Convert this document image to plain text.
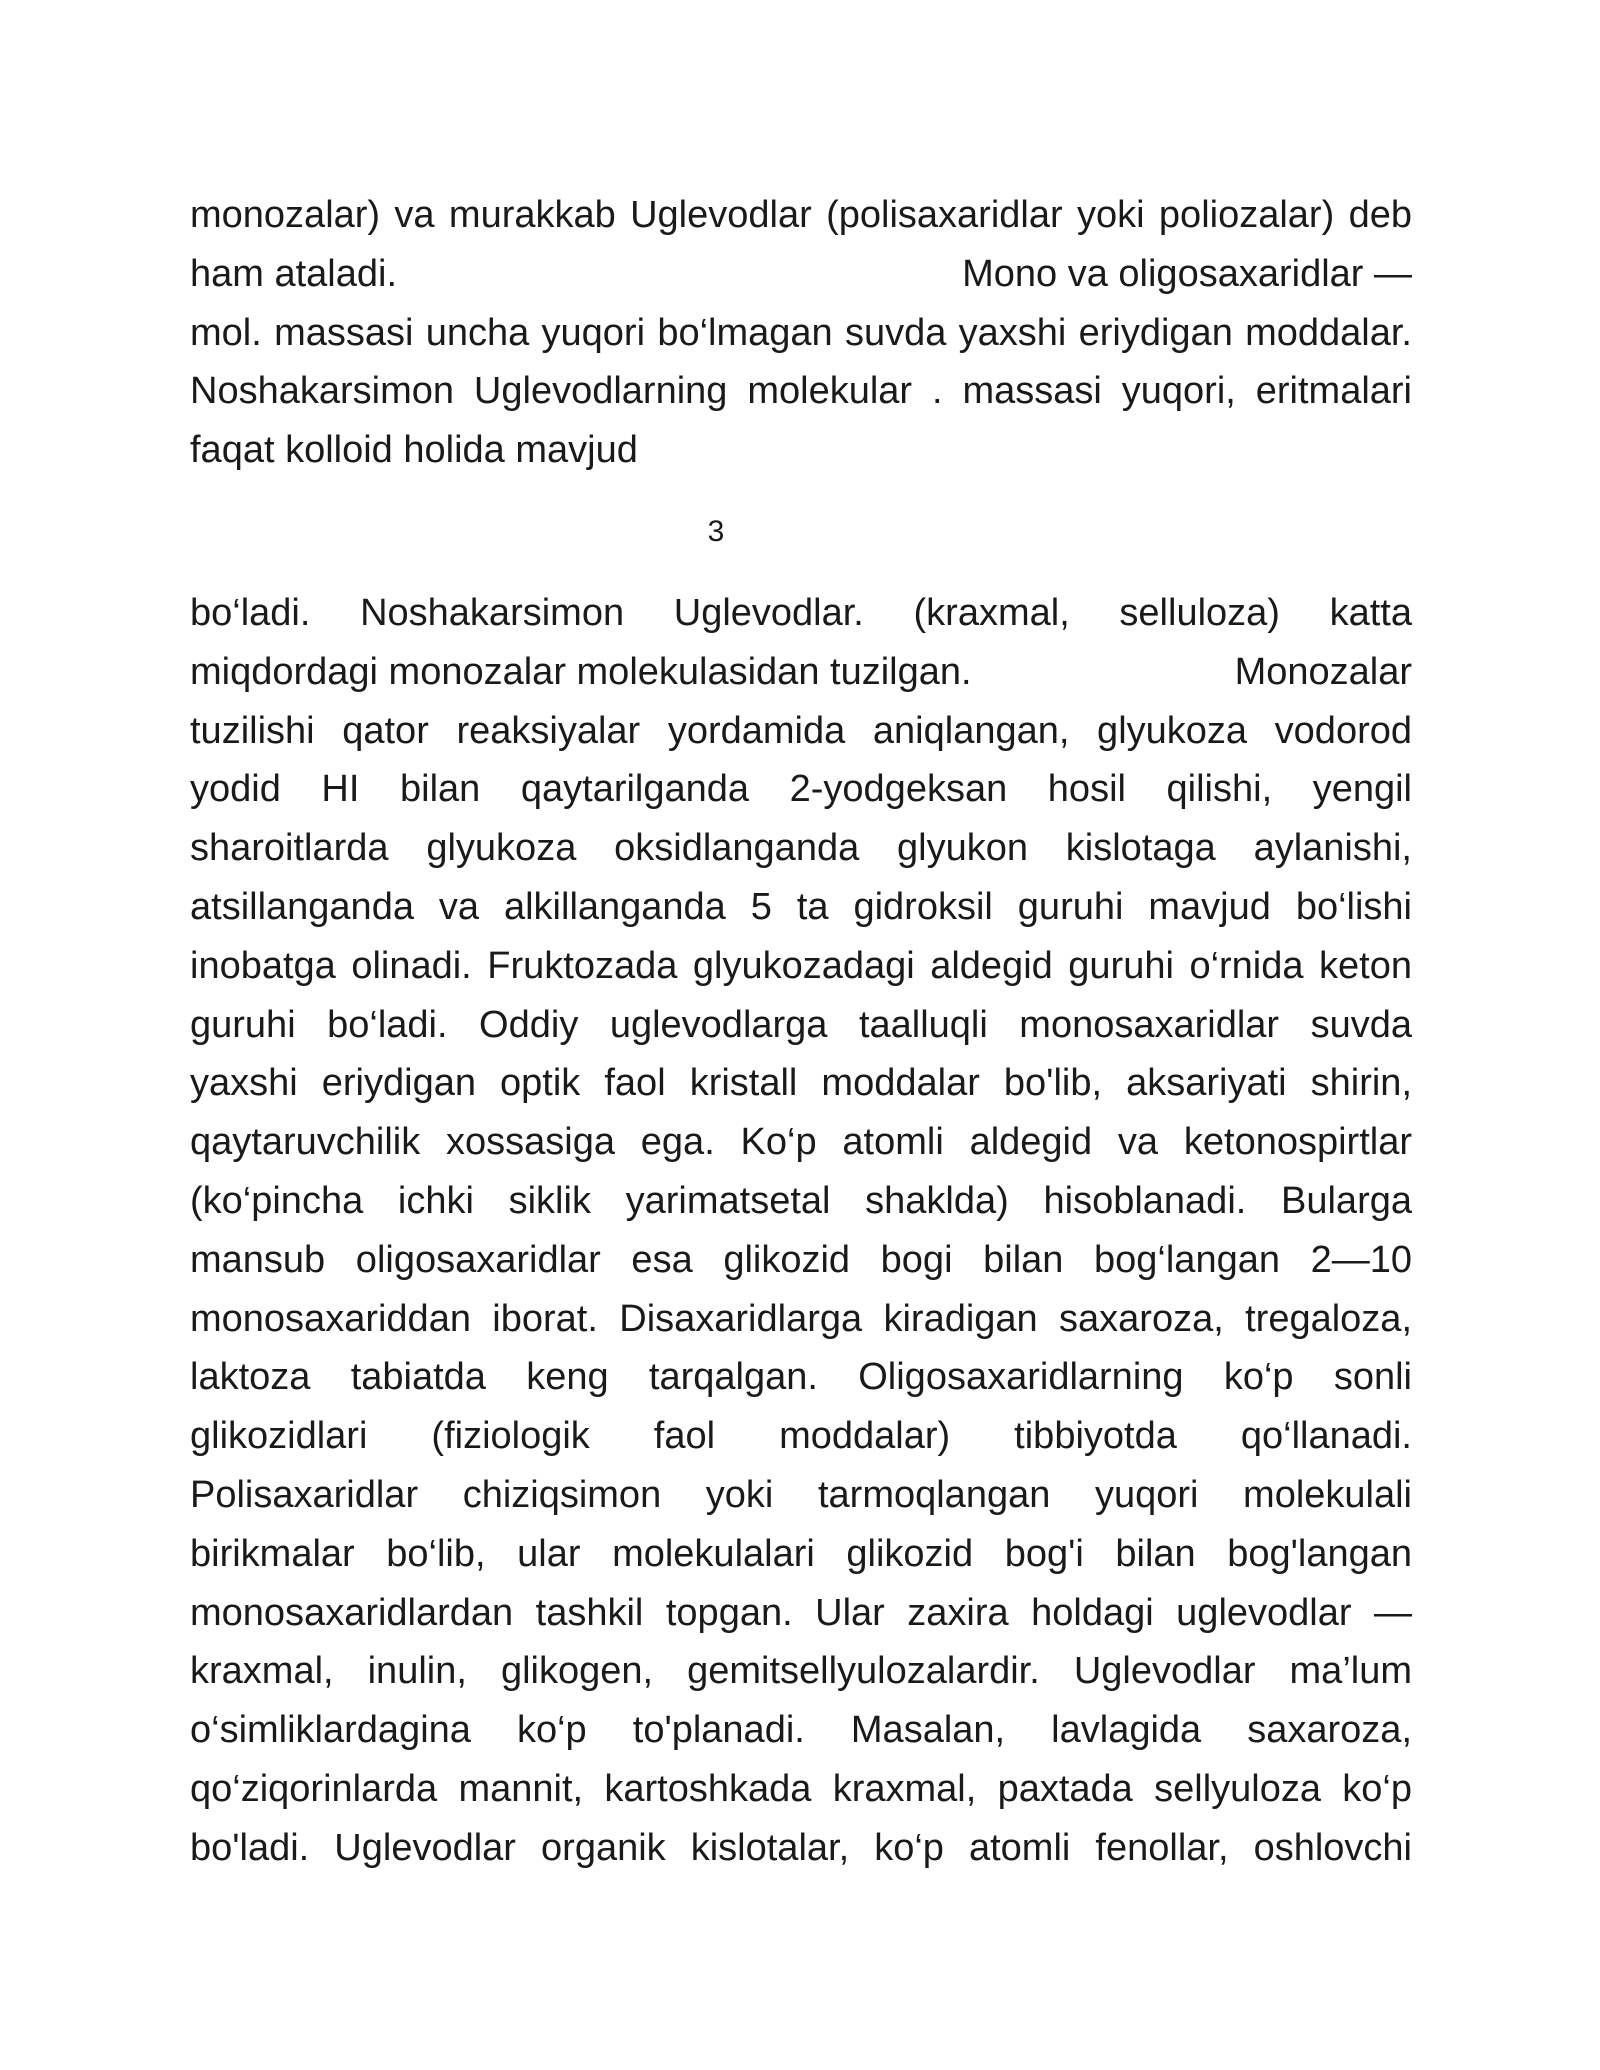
monozalar) va murakkab Uglevodlar (polisaxaridlar yoki poliozalar) deb
ham ataladi.	Mono va oligosaxaridlar —
mol. massasi uncha yuqori bo‘lmagan suvda yaxshi eriydigan moddalar.
Noshakarsimon Uglevodlarning molekular . massasi yuqori, eritmalari
faqat kolloid holida mavjud
3
bo‘ladi. Noshakarsimon Uglevodlar. (kraxmal, selluloza) katta
miqdordagi monozalar molekulasidan tuzilgan.	Monozalar
tuzilishi qator reaksiyalar yordamida aniqlangan, glyukoza vodorod
yodid HI bilan qaytarilganda 2-yodgeksan hosil qilishi, yengil
sharoitlarda glyukoza oksidlanganda glyukon kislotaga aylanishi,
atsillanganda va alkillanganda 5 ta gidroksil guruhi mavjud bo‘lishi
inobatga olinadi. Fruktozada glyukozadagi aldegid guruhi o‘rnida keton
guruhi bo‘ladi. Oddiy uglevodlarga taalluqli monosaxaridlar suvda
yaxshi eriydigan optik faol kristall moddalar bo'lib, aksariyati shirin,
qaytaruvchilik xossasiga ega. Ko‘p atomli aldegid va ketonospirtlar
(ko‘pincha ichki siklik yarimatsetal shaklda) hisoblanadi. Bularga
mansub oligosaxaridlar esa glikozid bogi bilan bog‘langan 2—10
monosaxariddan iborat. Disaxaridlarga kiradigan saxaroza, tregaloza,
laktoza tabiatda keng tarqalgan. Oligosaxaridlarning ko‘p sonli
glikozidlari (fiziologik faol moddalar) tibbiyotda qo‘llanadi.
Polisaxaridlar chiziqsimon yoki tarmoqlangan yuqori molekulali
birikmalar bo‘lib, ular molekulalari glikozid bog'i bilan bog'langan
monosaxaridlardan tashkil topgan. Ular zaxira holdagi uglevodlar —
kraxmal, inulin, glikogen, gemitsellyulozalardir. Uglevodlar ma’lum
o‘simliklardagina ko‘p to'planadi. Masalan, lavlagida saxaroza,
qo‘ziqorinlarda mannit, kartoshkada kraxmal, paxtada sellyuloza ko‘p
bo'ladi. Uglevodlar organik kislotalar, ko‘p atomli fenollar, oshlovchi
